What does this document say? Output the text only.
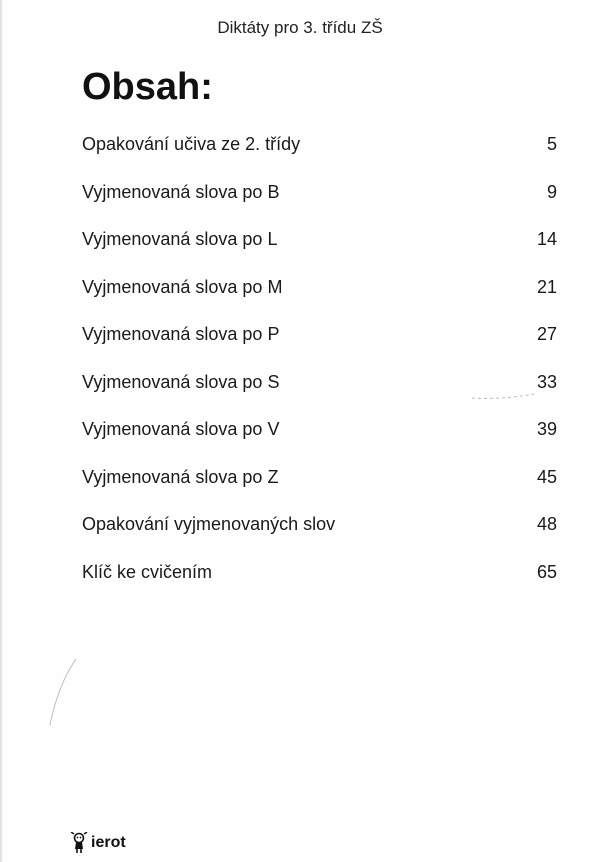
Diktáty pro 3. třídu ZŠ
Obsah:
Opakování učiva ze 2. třídy	5
Vyjmenovaná slova po B	9
Vyjmenovaná slova po L	14
Vyjmenovaná slova po M	21
Vyjmenovaná slova po P	27
Vyjmenovaná slova po S	33
Vyjmenovaná slova po V	39
Vyjmenovaná slova po Z	45
Opakování vyjmenovaných slov	48
Klíč ke cvičením	65
ierot
